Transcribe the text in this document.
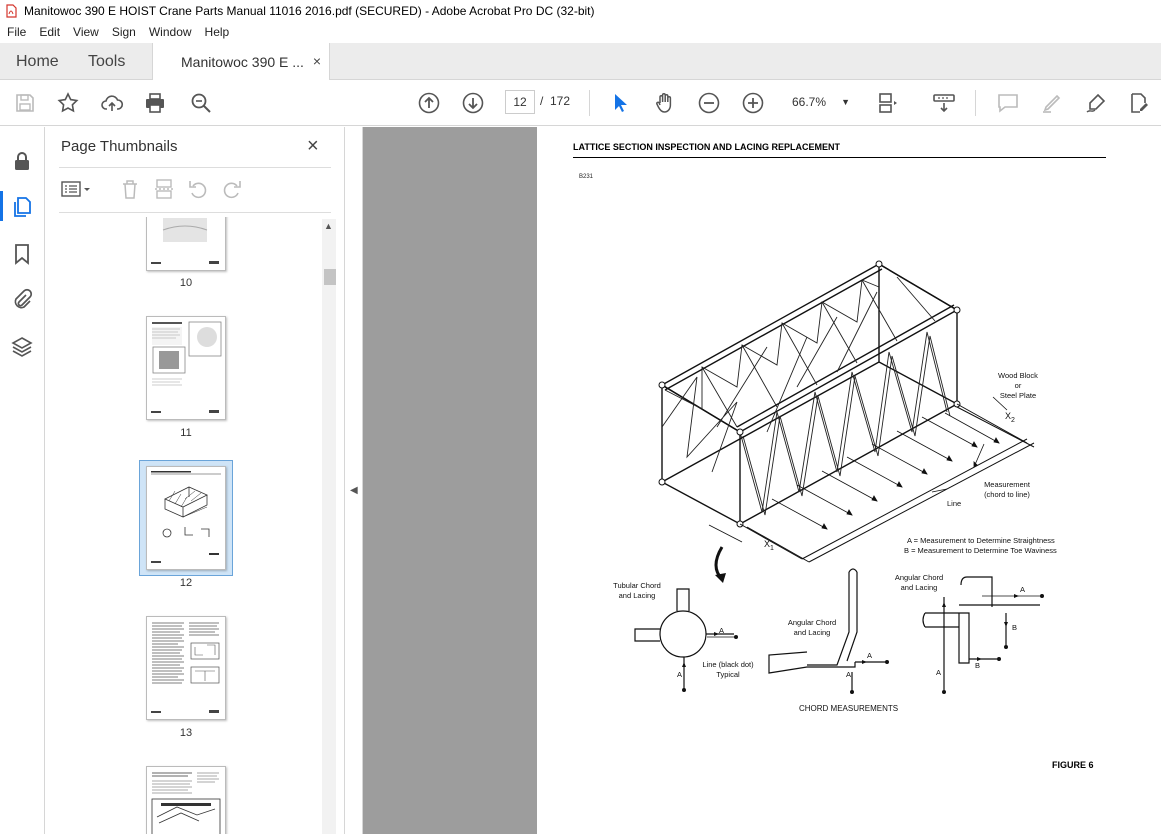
Manitowoc 390 E HOIST Crane Parts Manual 11016 2016.pdf (SECURED) - Adobe Acrobat Pro DC (32-bit)
File	Edit	View	Sign	Window	Help
Home Tools	Manitowoc 390 E ... ×
12	/ 172	66.7% ▼
Page Thumbnails	×
10
11
12
13
▲
◀
LATTICE SECTION INSPECTION AND LACING REPLACEMENT
B231
Wood Block
or
Steel Plate
$X_2$
Measurement
(chord to line)
Line
$X_1$
A = Measurement to Determine Straightness
B = Measurement to Determine Toe Waviness
Tubular Chord
and Lacing
Angular Chord
and Lacing
Angular Chord
and Lacing
Line (black dot)
Typical
A
A
A
A
A
A
B
B
CHORD MEASUREMENTS
FIGURE 6
